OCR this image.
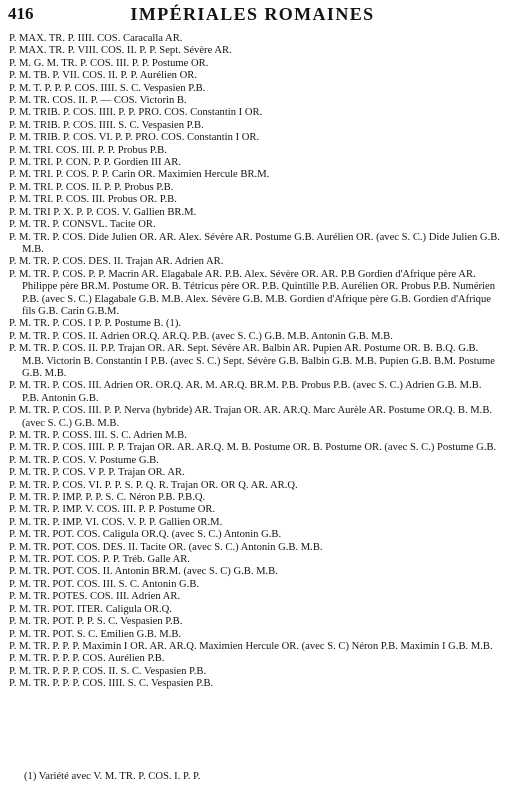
416	IMPÉRIALES ROMAINES

P. MAX. TR. P. IIII. COS. Caracalla AR.

P. MAX. TR. P. VIII. COS. II. P. P. Sept. Sévère AR.

P. M. G. M. TR. P. COS. III. P. P. Postume OR.

P. M. TB. P. VII. COS. II. P. P. Aurélien OR.

P. M. T. P. P. P. COS. IIII. S. C. Vespasien P.B.

P. M. TR. COS. II. P. — COS. Victorin B.

P. M. TRIB. P. COS. IIII. P. P. PRO. COS. Constantin I OR.

P. M. TRIB. P. COS. IIII. S. C. Vespasien P.B.

P. M. TRIB. P. COS. VI. P. P. PRO. COS. Constantin I OR.

P. M. TRI. COS. III. P. P. Probus P.B.

P. M. TRI. P. CON. P. P. Gordien III AR.

P. M. TRI. P. COS. P. P. Carin OR. Maximien Hercule BR.M.

P. M. TRI. P. COS. II. P. P. Probus P.B.

P. M. TRI. P. COS. III. Probus OR. P.B.

P. M. TRI P. X. P. P. COS. V. Gallien BR.M.

P. M. TR. P. CONSVL. Tacite OR.

P. M. TR. P. COS. Dide Julien OR. AR. Alex. Sévère AR. Postume G.B. Aurélien OR. (avec S. C.) Dide Julien G.B. M.B.

P. M. TR. P. COS. DES. II. Trajan AR. Adrien AR.

P. M. TR. P. COS. P. P. Macrin AR. Elagabale AR. P.B. Alex. Sévère OR. AR. P.B Gordien d'Afrique père AR. Philippe père BR.M. Postume OR. B. Tétricus père OR. P.B. Quintille P.B. Aurélien OR. Probus P.B. Numérien P.B. (avec S. C.) Elagabale G.B. M.B. Alex. Sévère G.B. M.B. Gordien d'Afrique père G.B. Gordien d'Afrique fils G.B. Carin G.B.M.

P. M. TR. P. COS. I P. P. Postume B. (1).

P. M. TR. P. COS. II. Adrien OR.Q. AR.Q. P.B. (avec S. C.) G.B. M.B. Antonin G.B. M.B.

P. M. TR. P. COS. II. P.P. Trajan OR. AR. Sept. Sévère AR. Balbin AR. Pupien AR. Postume OR. B. B.Q. G.B. M.B. Victorin B. Constantin I P.B. (avec S. C.) Sept. Sévère G.B. Balbin G.B. M.B. Pupien G.B. B.M. Postume G.B. M.B.

P. M. TR. P. COS. III. Adrien OR. OR.Q. AR. M. AR.Q. BR.M. P.B. Probus P.B. (avec S. C.) Adrien G.B. M.B. P.B. Antonin G.B.

P. M. TR. P. COS. III. P. P. Nerva (hybride) AR. Trajan OR. AR. AR.Q. Marc Aurèle AR. Postume OR.Q. B. M.B. (avec S. C.) G.B. M.B.

P. M. TR. P. COSS. III. S. C. Adrien M.B.

P. M. TR. P. COS. IIII. P. P. Trajan OR. AR. AR.Q. M. B. Postume OR. B. Postume OR. (avec S. C.) Postume G.B.

P. M. TR. P. COS. V. Postume G.B.

P. M. TR. P. COS. V P. P. Trajan OR. AR.

P. M. TR. P. COS. VI. P. P. S. P. Q. R. Trajan OR. OR Q. AR. AR.Q.

P. M. TR. P. IMP. P. P. S. C. Néron P.B. P.B.Q.

P. M. TR. P. IMP. V. COS. III. P. P. Postume OR.

P. M. TR. P. IMP. VI. COS. V. P. P. Gallien OR.M.

P. M. TR. POT. COS. Caligula OR.Q. (avec S. C.) Antonin G.B.

P. M. TR. POT. COS. DES. II. Tacite OR. (avec S. C.) Antonin G.B. M.B.

P. M. TR. POT. COS. P. P. Tréb. Galle AR.

P. M. TR. POT. COS. II. Antonin BR.M. (avec S. C) G.B. M.B.

P. M. TR. POT. COS. III. S. C. Antonin G.B.

P. M. TR. POTES. COS. III. Adrien AR.

P. M. TR. POT. ITER. Caligula OR.Q.

P. M. TR. POT. P. P. S. C. Vespasien P.B.

P. M. TR. POT. S. C. Emilien G.B. M.B.

P. M. TR. P. P. P. Maximin I OR. AR. AR.Q. Maximien Hercule OR. (avec S. C) Néron P.B. Maximin I G.B. M.B.

P. M. TR. P. P. P. COS. Aurélien P.B.

P. M. TR. P. P. P. COS. II. S. C. Vespasien P.B.

P. M. TR. P. P. P. COS. IIII. S. C. Vespasien P.B.

(1) Variété avec V. M. TR. P. COS. I. P. P.
